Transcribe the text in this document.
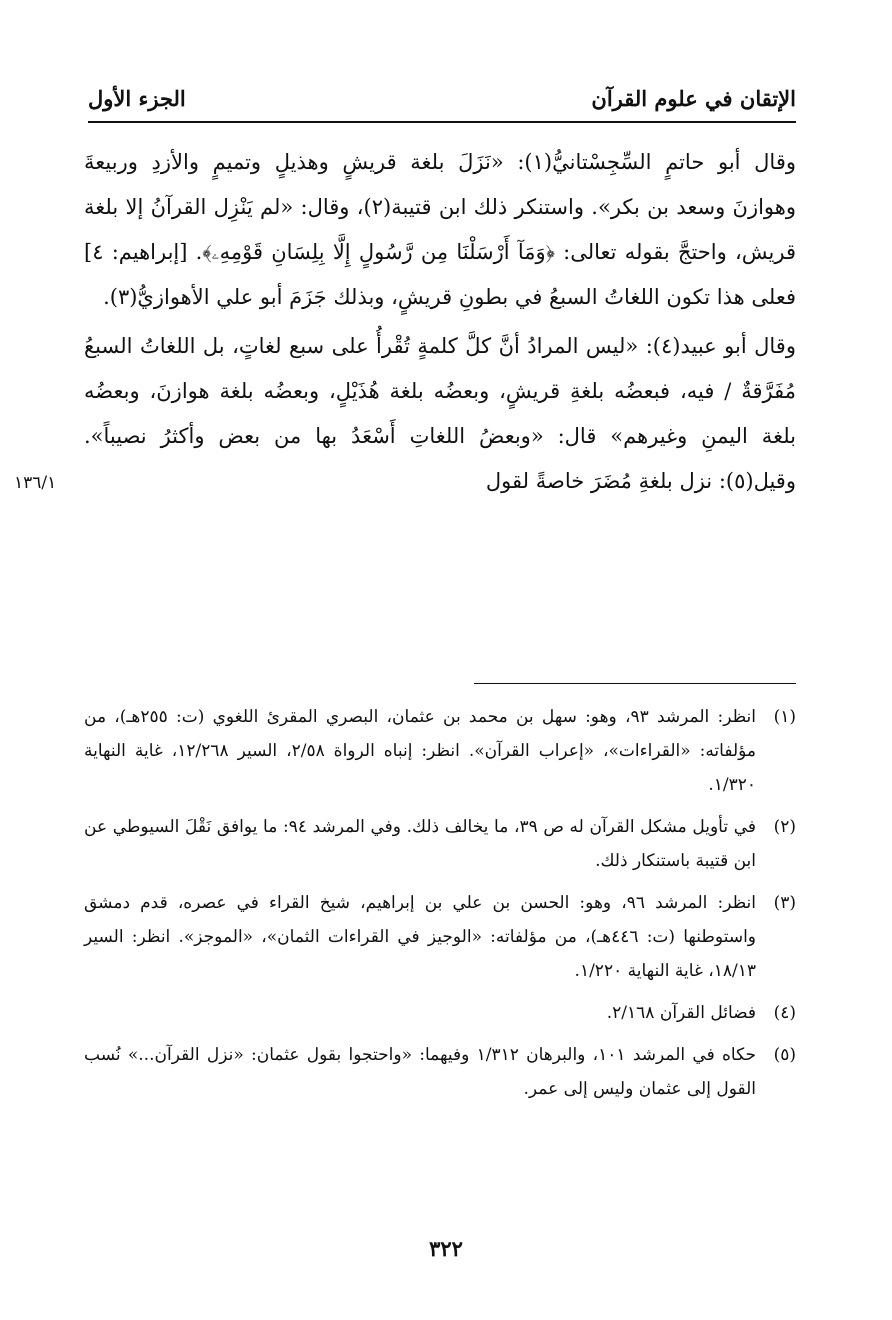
الإتقان في علوم القرآن
الجزء الأول

وقال أبو حاتمٍ السِّجِسْتانيُّ(١): «نَزَلَ بلغة قريشٍ وهذيلٍ وتميمٍ والأزدِ وربيعةَ وهوازنَ وسعد بن بكر». واستنكر ذلك ابن قتيبة(٢)، وقال: «لم يَنْزِل القرآنُ إلا بلغة قريش، واحتجَّ بقوله تعالى: ﴿وَمَآ أَرْسَلْنَا مِن رَّسُولٍ إِلَّا بِلِسَانِ قَوْمِهِۦ﴾. [إبراهيم: ٤] فعلى هذا تكون اللغاتُ السبعُ في بطونِ قريشٍ، وبذلك جَزَمَ أبو علي الأهوازيُّ(٣).

وقال أبو عبيد(٤): «ليس المرادُ أنَّ كلَّ كلمةٍ تُقْرأُ على سبع لغاتٍ، بل اللغاتُ السبعُ مُفَرَّقةٌ / فيه، فبعضُه بلغةِ قريشٍ، وبعضُه بلغة هُذَيْلٍ، وبعضُه بلغة هوازنَ، وبعضُه بلغة اليمنِ وغيرهم» قال: «وبعضُ اللغاتِ أَسْعَدُ بها من بعض وأكثرُ نصيباً». وقيل(٥): نزل بلغةِ مُضَرَ خاصةً لقول

١٣٦/١

(١)
انظر: المرشد ٩٣، وهو: سهل بن محمد بن عثمان، البصري المقرئ اللغوي (ت: ٢٥٥هـ)، من مؤلفاته: «القراءات»، «إعراب القرآن». انظر: إنباه الرواة ٢/٥٨، السير ١٢/٢٦٨، غاية النهاية ١/٣٢٠.

(٢)
في تأويل مشكل القرآن له ص ٣٩، ما يخالف ذلك. وفي المرشد ٩٤: ما يوافق نَقْلَ السيوطي عن ابن قتيبة باستنكار ذلك.

(٣)
انظر: المرشد ٩٦، وهو: الحسن بن علي بن إبراهيم، شيخ القراء في عصره، قدم دمشق واستوطنها (ت: ٤٤٦هـ)، من مؤلفاته: «الوجيز في القراءات الثمان»، «الموجز». انظر: السير ١٨/١٣، غاية النهاية ١/٢٢٠.

(٤)
فضائل القرآن ٢/١٦٨.

(٥)
حكاه في المرشد ١٠١، والبرهان ١/٣١٢ وفيهما: «واحتجوا بقول عثمان: «نزل القرآن...» نُسب القول إلى عثمان وليس إلى عمر.

٣٢٢
